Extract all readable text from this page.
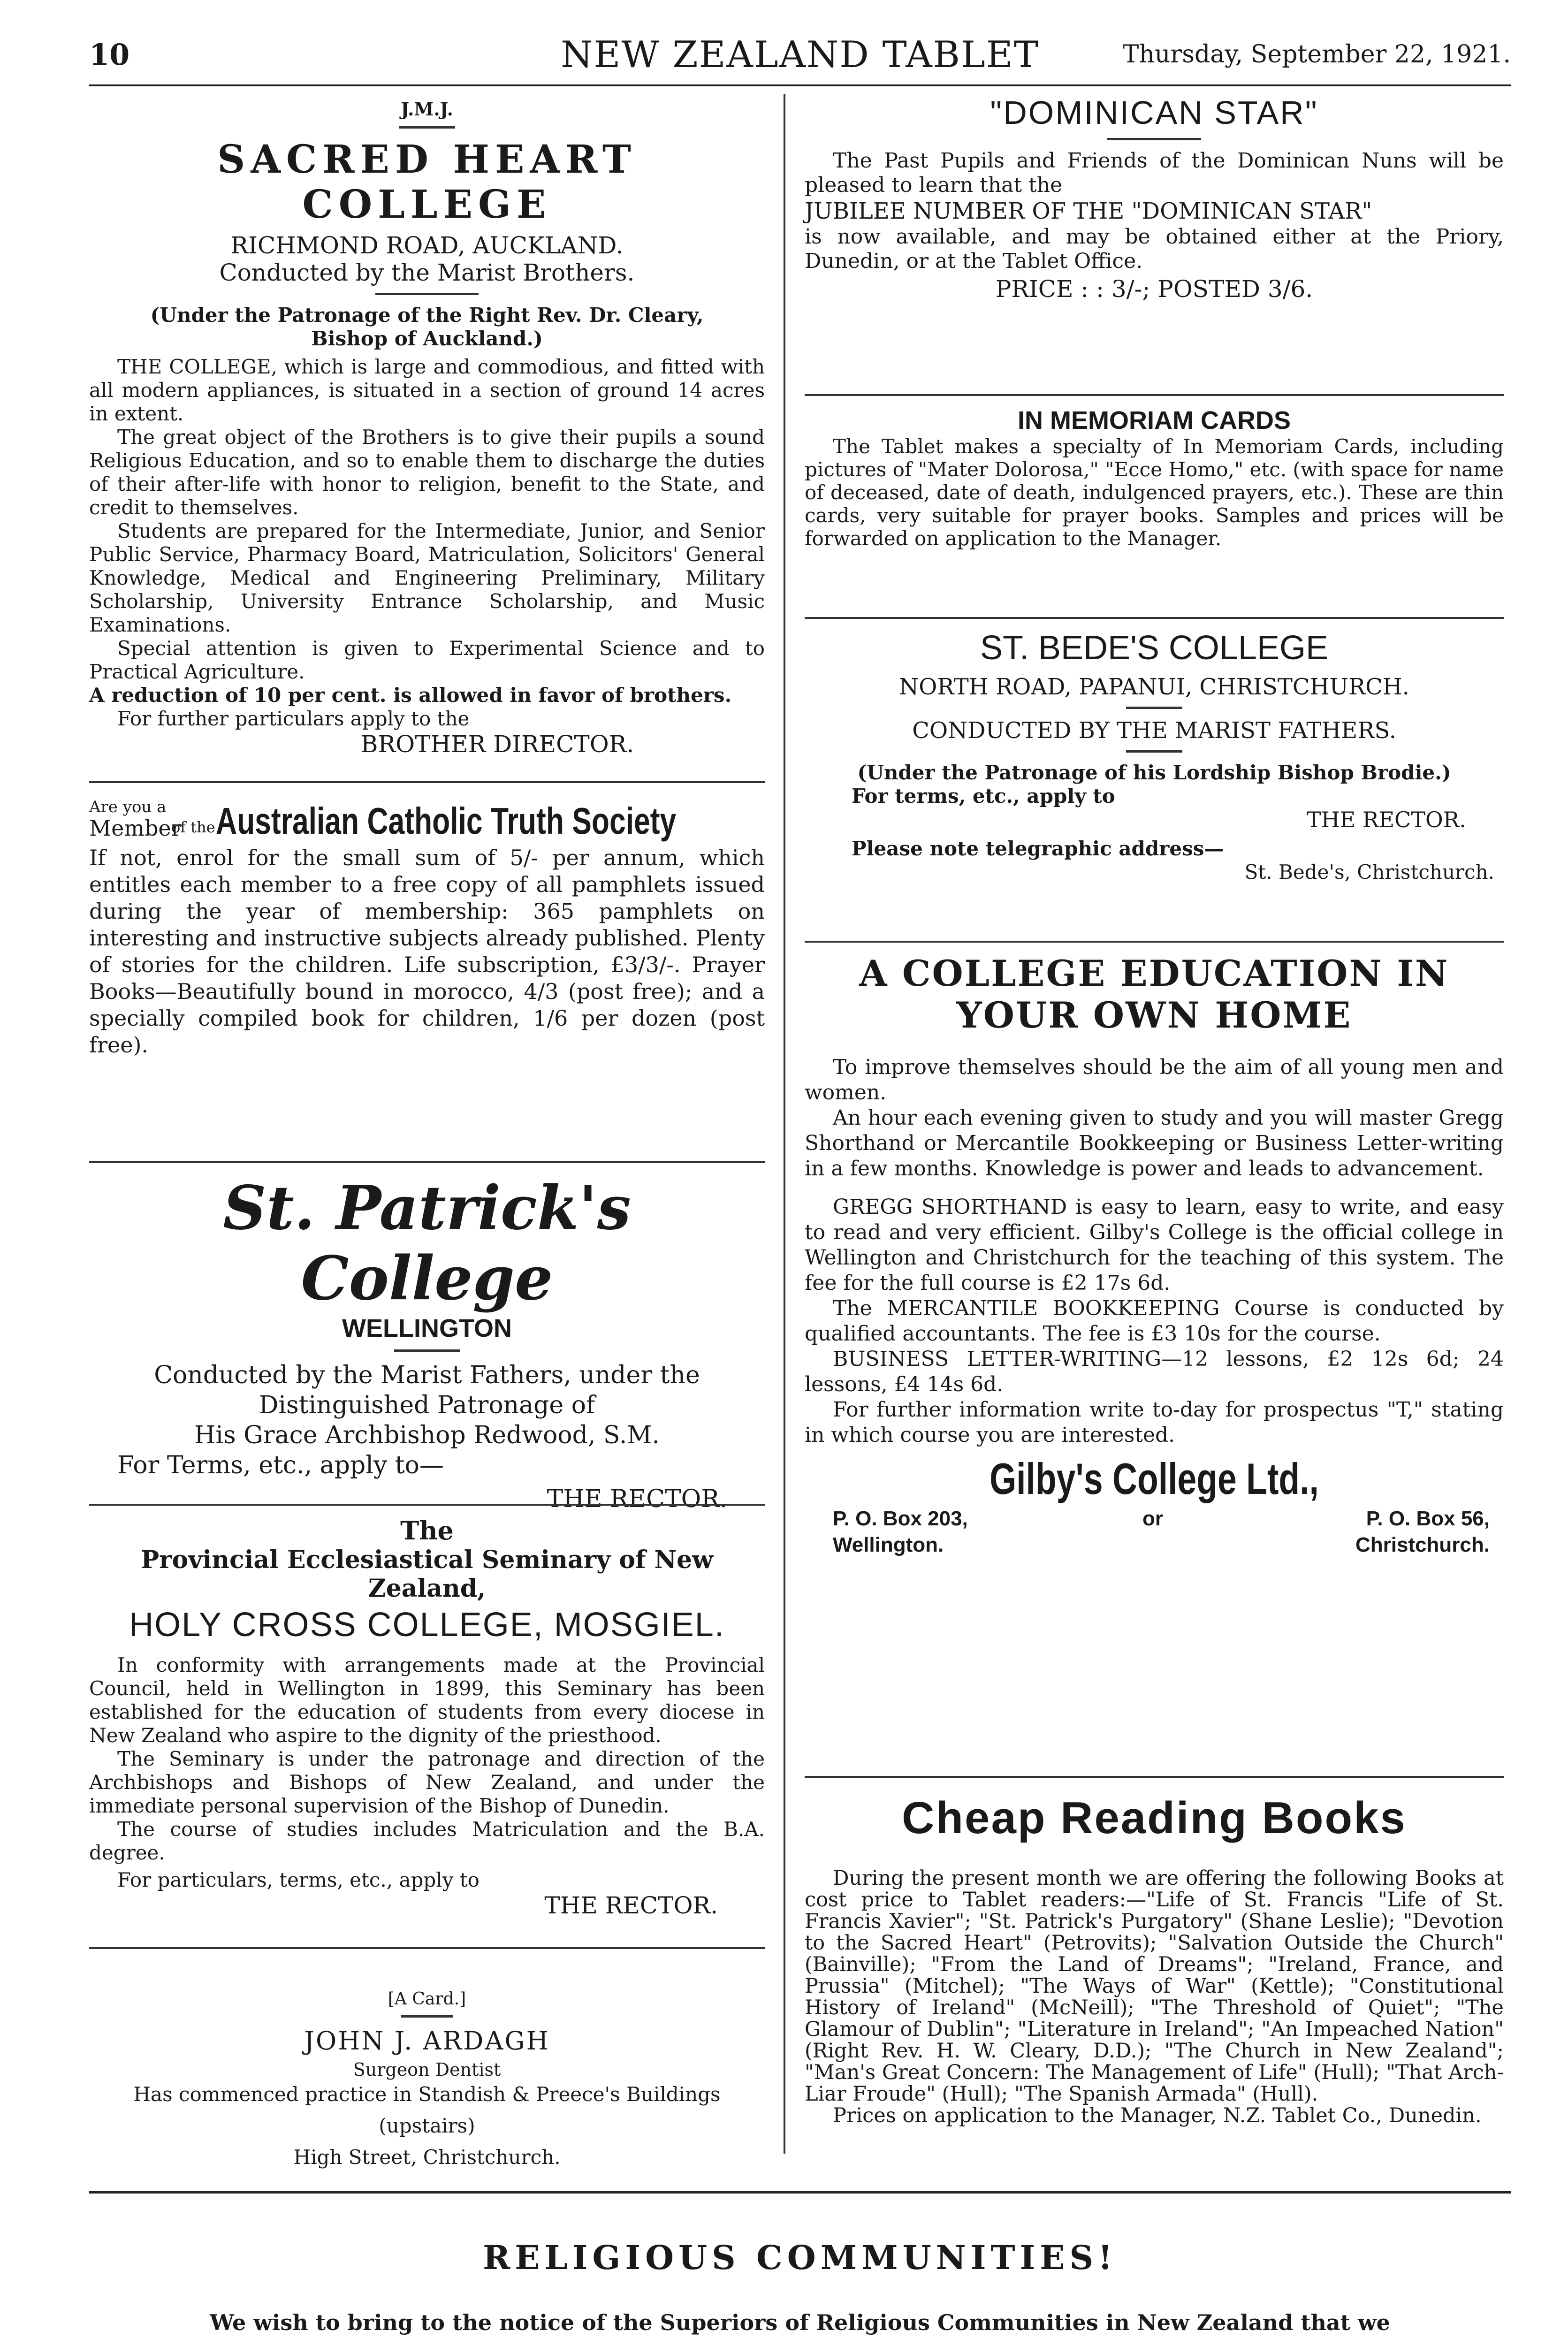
10	NEW ZEALAND TABLET	Thursday, September 22, 1921.

J.M.J.

SACRED HEART COLLEGE

RICHMOND ROAD, AUCKLAND.

Conducted by the Marist Brothers.

(Under the Patronage of the Right Rev. Dr. Cleary, Bishop of Auckland.)

THE COLLEGE, which is large and commodious, and fitted with all modern appliances, is situated in a section of ground 14 acres in extent.

The great object of the Brothers is to give their pupils a sound Religious Education, and so to enable them to discharge the duties of their after-life with honor to religion, benefit to the State, and credit to themselves.

Students are prepared for the Intermediate, Junior, and Senior Public Service, Pharmacy Board, Matriculation, Solicitors' General Knowledge, Medical and Engineering Preliminary, Military Scholarship, University Entrance Scholarship, and Music Examinations.

Special attention is given to Experimental Science and to Practical Agriculture.

A reduction of 10 per cent. is allowed in favor of brothers.

For further particulars apply to the

BROTHER DIRECTOR.

Are you a
Member
of the Australian Catholic Truth Society

If not, enrol for the small sum of 5/- per annum, which entitles each member to a free copy of all pamphlets issued during the year of membership: 365 pamphlets on interesting and instructive subjects already published. Plenty of stories for the children. Life subscription, £3/3/-. Prayer Books—Beautifully bound in morocco, 4/3 (post free); and a specially compiled book for children, 1/6 per dozen (post free).

St. Patrick's College

WELLINGTON

Conducted by the Marist Fathers, under the

Distinguished Patronage of

His Grace Archbishop Redwood, S.M.

For Terms, etc., apply to—

THE RECTOR.

The

Provincial Ecclesiastical Seminary of New Zealand,

HOLY CROSS COLLEGE, MOSGIEL.

In conformity with arrangements made at the Provincial Council, held in Wellington in 1899, this Seminary has been established for the education of students from every diocese in New Zealand who aspire to the dignity of the priesthood.

The Seminary is under the patronage and direction of the Archbishops and Bishops of New Zealand, and under the immediate personal supervision of the Bishop of Dunedin.

The course of studies includes Matriculation and the B.A. degree.

For particulars, terms, etc., apply to

THE RECTOR.

[A Card.]

JOHN J. ARDAGH

Surgeon Dentist

Has commenced practice in Standish & Preece's Buildings

(upstairs)

High Street, Christchurch.

"DOMINICAN STAR"

The Past Pupils and Friends of the Dominican Nuns will be pleased to learn that the

JUBILEE NUMBER OF THE "DOMINICAN STAR"

is now available, and may be obtained either at the Priory, Dunedin, or at the Tablet Office.

PRICE : : 3/-; POSTED 3/6.

IN MEMORIAM CARDS

The Tablet makes a specialty of In Memoriam Cards, including pictures of "Mater Dolorosa," "Ecce Homo," etc. (with space for name of deceased, date of death, indulgenced prayers, etc.). These are thin cards, very suitable for prayer books. Samples and prices will be forwarded on application to the Manager.

ST. BEDE'S COLLEGE

NORTH ROAD, PAPANUI, CHRISTCHURCH.

CONDUCTED BY THE MARIST FATHERS.

(Under the Patronage of his Lordship Bishop Brodie.)

For terms, etc., apply to

THE RECTOR.

Please note telegraphic address—

St. Bede's, Christchurch.

A COLLEGE EDUCATION IN

YOUR OWN HOME

To improve themselves should be the aim of all young men and women.

An hour each evening given to study and you will master Gregg Shorthand or Mercantile Bookkeeping or Business Letter-writing in a few months. Knowledge is power and leads to advancement.

GREGG SHORTHAND is easy to learn, easy to write, and easy to read and very efficient. Gilby's College is the official college in Wellington and Christchurch for the teaching of this system. The fee for the full course is £2 17s 6d.

The MERCANTILE BOOKKEEPING Course is conducted by qualified accountants. The fee is £3 10s for the course.

BUSINESS LETTER-WRITING—12 lessons, £2 12s 6d; 24 lessons, £4 14s 6d.

For further information write to-day for prospectus "T," stating in which course you are interested.

Gilby's College Ltd.,

P. O. Box 203,
Wellington.
or	P. O. Box 56,
Christchurch.

Cheap Reading Books

During the present month we are offering the following Books at cost price to Tablet readers:—"Life of St. Francis "Life of St. Francis Xavier"; "St. Patrick's Purgatory" (Shane Leslie); "Devotion to the Sacred Heart" (Petrovits); "Salvation Outside the Church" (Bainville); "From the Land of Dreams"; "Ireland, France, and Prussia" (Mitchel); "The Ways of War" (Kettle); "Constitutional History of Ireland" (McNeill); "The Threshold of Quiet"; "The Glamour of Dublin"; "Literature in Ireland"; "An Impeached Nation" (Right Rev. H. W. Cleary, D.D.); "The Church in New Zealand"; "Man's Great Concern: The Management of Life" (Hull); "That Arch-Liar Froude" (Hull); "The Spanish Armada" (Hull).

Prices on application to the Manager, N.Z. Tablet Co., Dunedin.

RELIGIOUS COMMUNITIES!

We wish to bring to the notice of the Superiors of Religious Communities in New Zealand that we
